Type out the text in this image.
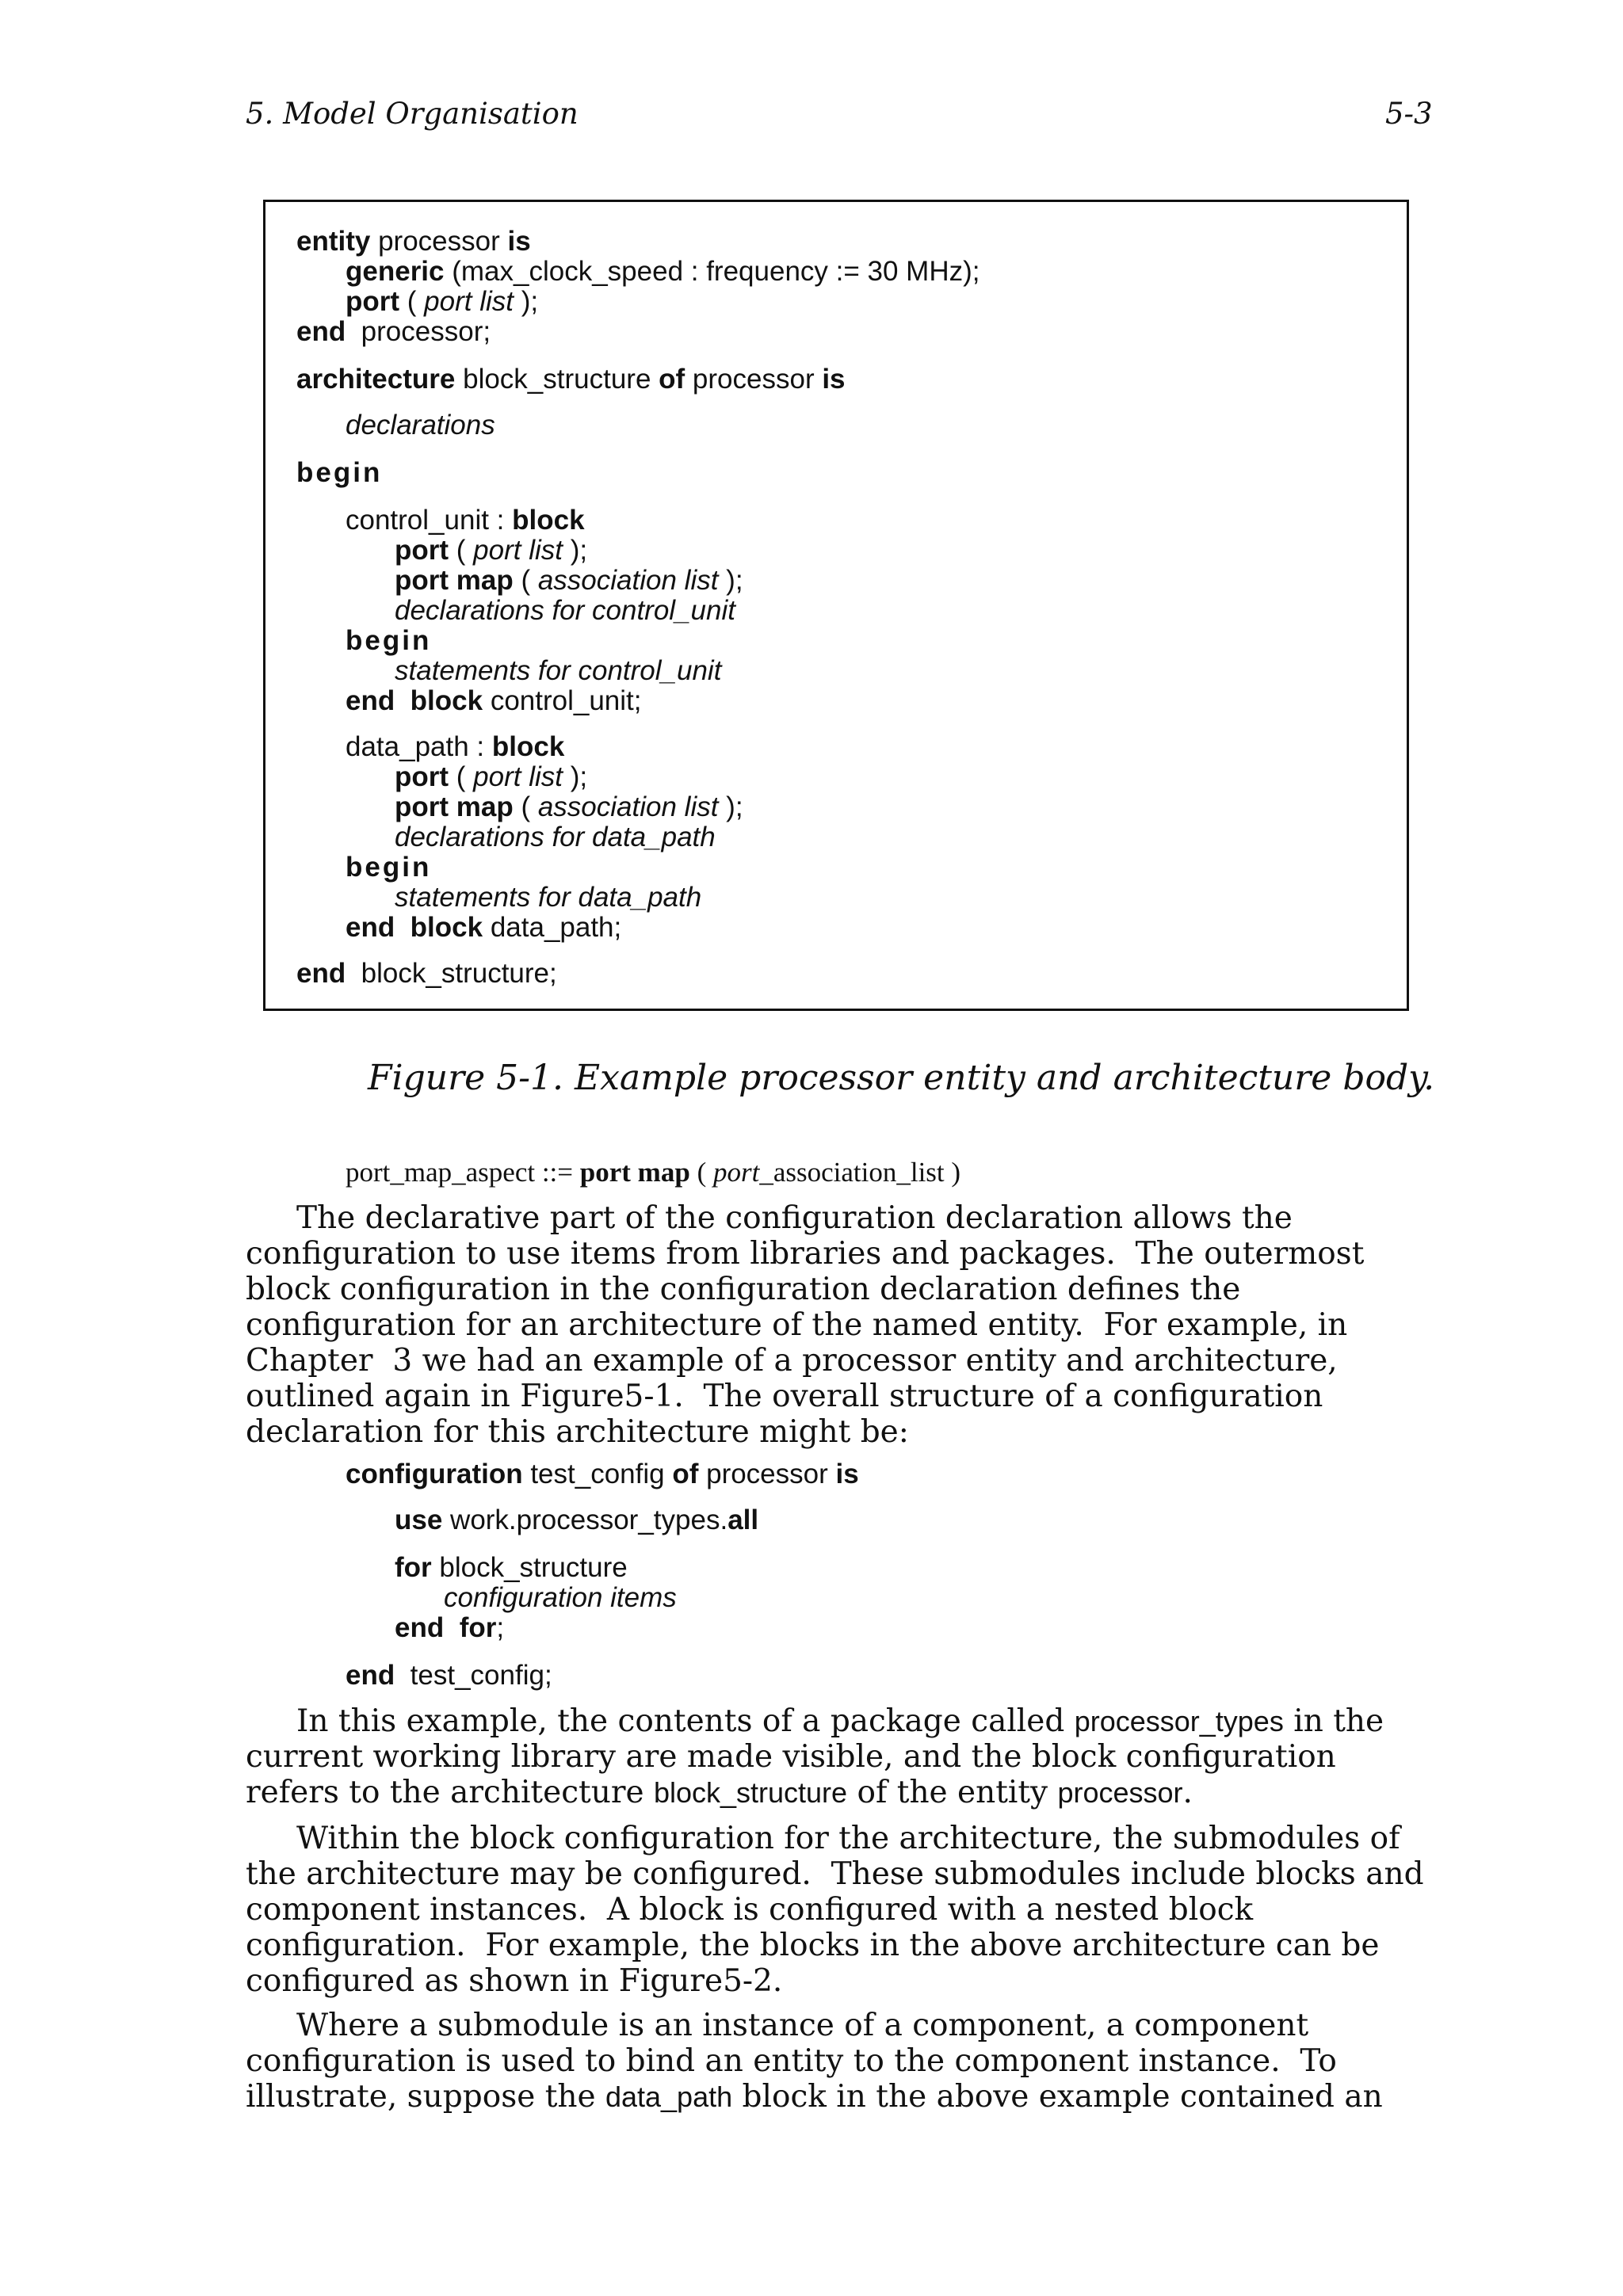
5. Model Organisation	5-3
entity processor is
generic (max_clock_speed : frequency := 30 MHz);
port ( port list );
end  processor;
architecture block_structure of processor is
declarations
begin
control_unit : block
port ( port list );
port map ( association list );
declarations for control_unit
begin
statements for control_unit
end  block control_unit;
data_path : block
port ( port list );
port map ( association list );
declarations for data_path
begin
statements for data_path
end  block data_path;
end  block_structure;
Figure 5-1. Example processor entity and architecture body.
port_map_aspect ::= port map ( port_association_list )
The declarative part of the configuration declaration allows the
configuration to use items from libraries and packages.  The outermost
block configuration in the configuration declaration defines the
configuration for an architecture of the named entity.  For example, in
Chapter  3 we had an example of a processor entity and architecture,
outlined again in Figure5-1.  The overall structure of a configuration
declaration for this architecture might be:
configuration test_config of processor is
use work.processor_types.all
for block_structure
configuration items
end for;
end  test_config;
In this example, the contents of a package called processor_types in the
current working library are made visible, and the block configuration
refers to the architecture block_structure of the entity processor.
Within the block configuration for the architecture, the submodules of
the architecture may be configured.  These submodules include blocks and
component instances.  A block is configured with a nested block
configuration.  For example, the blocks in the above architecture can be
configured as shown in Figure5-2.
Where a submodule is an instance of a component, a component
configuration is used to bind an entity to the component instance.  To
illustrate, suppose the data_path block in the above example contained an
